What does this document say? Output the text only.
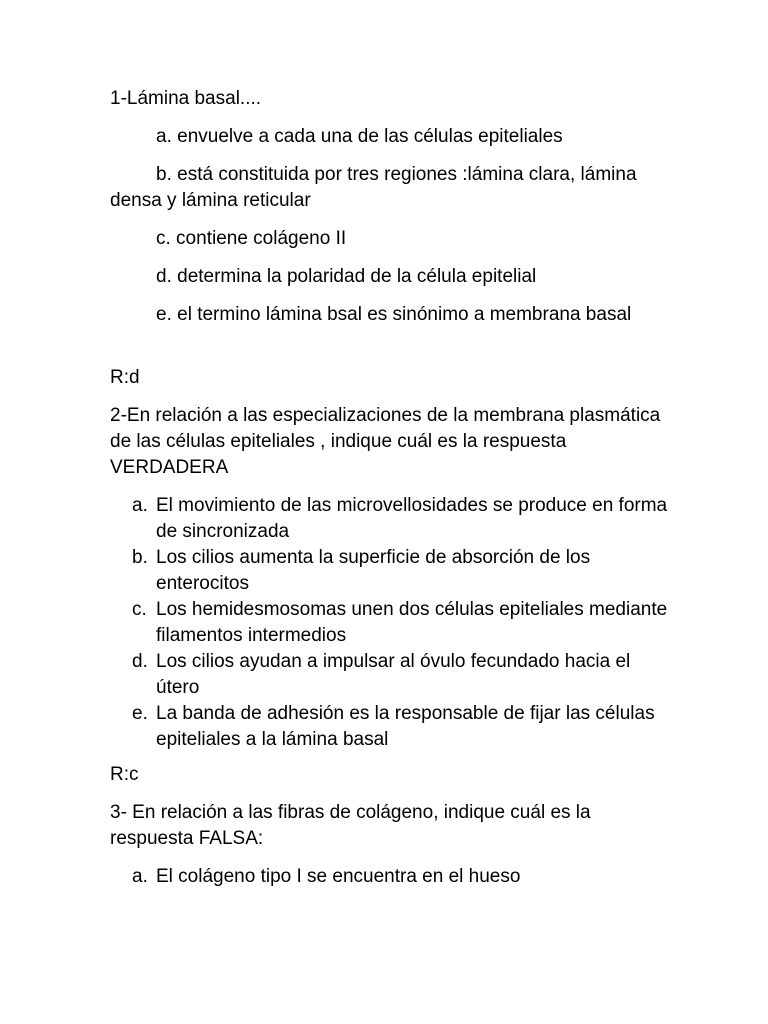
1-Lámina basal....

a. envuelve a cada una de las células epiteliales

b. está constituida por tres regiones :lámina clara, lámina densa y lámina reticular

c. contiene colágeno II

d. determina la polaridad de la célula epitelial

e. el termino lámina bsal es sinónimo a membrana basal

R:d

2-En relación a las especializaciones de la membrana plasmática de las células epiteliales , indique cuál es la respuesta VERDADERA

a. El movimiento de las microvellosidades se produce en forma de sincronizada
b. Los cilios aumenta la superficie de absorción de los enterocitos
c. Los hemidesmosomas unen dos células epiteliales mediante filamentos intermedios
d. Los cilios ayudan a impulsar al óvulo fecundado hacia el útero
e. La banda de adhesión es la responsable de fijar las células epiteliales a la lámina basal

R:c

3- En relación a las fibras de colágeno, indique cuál es la respuesta FALSA:

a. El colágeno tipo I se encuentra en el hueso
